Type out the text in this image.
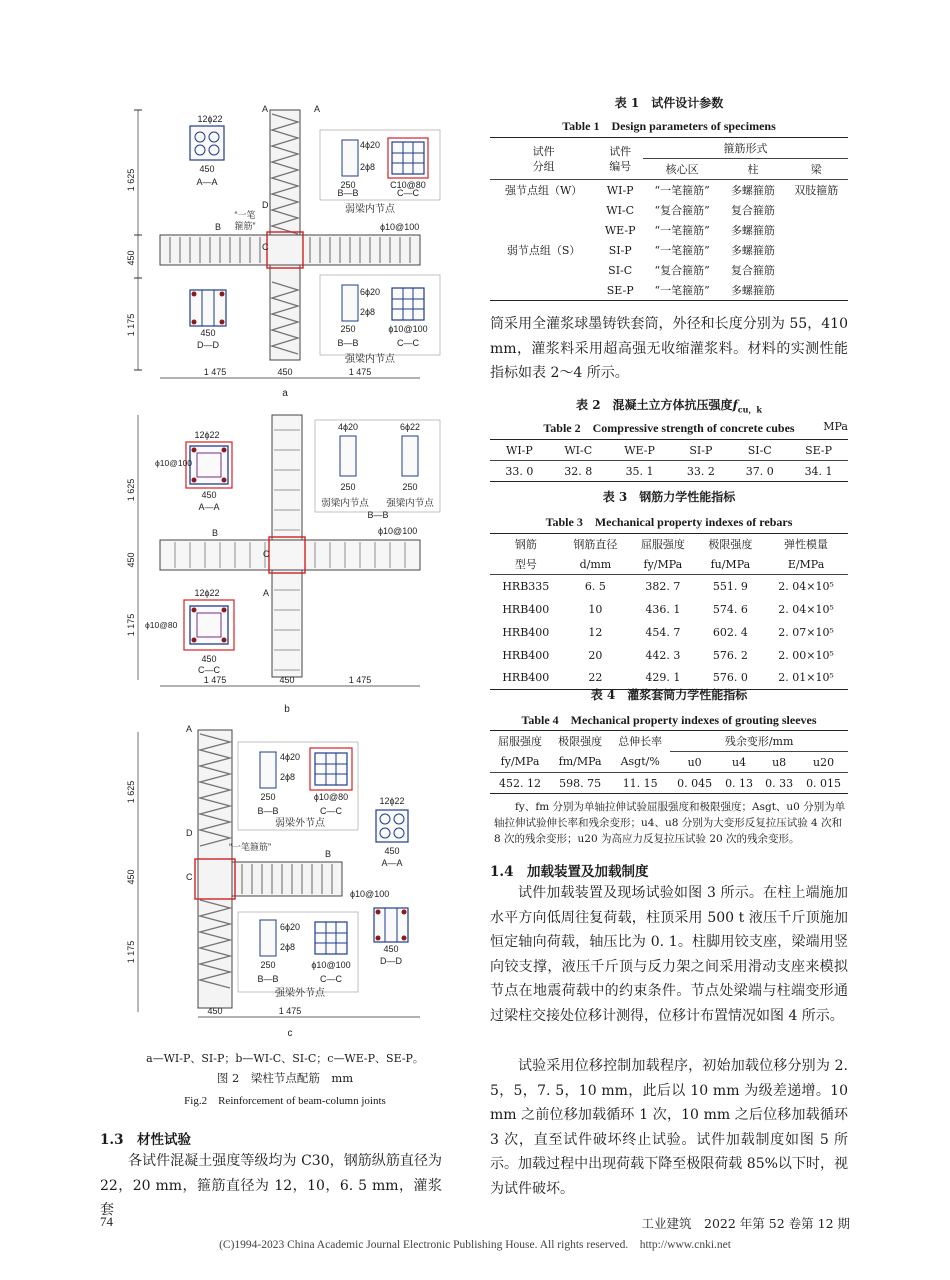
1 625
450
1 175
“一笔
箍筋”	ϕ10@100
A	A
B
C
D
12ϕ22
450
A—A
4ϕ20
2ϕ8
250	C10@80
B—B	C—C
弱梁内节点
450
D—D
6ϕ20
2ϕ8
250	ϕ10@100
B—B	C—C
强梁内节点
1 475	450	1 475
a
1 625
450
1 175
ϕ10@100
B
C
A
12ϕ22
ϕ10@100
450
A—A
4ϕ20	6ϕ22
250	250
弱梁内节点 强梁内节点
B—B
12ϕ22
ϕ10@80
450
C—C
1 475	450	1 475
b
1 625
450
1 175
“一笔箍筋”
ϕ10@100
A
C
D
B
4ϕ20
2ϕ8
250	ϕ10@80
B—B	C—C
弱梁外节点
12ϕ22
450
A—A
450
D—D
6ϕ20
2ϕ8
250	ϕ10@100
B—B	C—C
强梁外节点
450	1 475
c
a—WI-P、SI-P；b—WI-C、SI-C；c—WE-P、SE-P。
图 2　梁柱节点配筋　mm
Fig.2　Reinforcement of beam-column joints
1.3　材性试验
各试件混凝土强度等级均为 C30，钢筋纵筋直径为 22，20 mm，箍筋直径为 12，10，6. 5 mm，灌浆套
表 1　试件设计参数
Table 1　Design parameters of specimens
试件
分组	试件
编号	箍筋形式		
		核心区	柱	梁
强节点组（W）	WI-P	“一笔箍筋”	多螺箍筋	双肢箍筋
	WI-C	“复合箍筋”	复合箍筋	
	WE-P	“一笔箍筋”	多螺箍筋	
弱节点组（S）	SI-P	“一笔箍筋”	多螺箍筋	
	SI-C	“复合箍筋”	复合箍筋	
	SE-P	“一笔箍筋”	多螺箍筋	
筒采用全灌浆球墨铸铁套筒，外径和长度分别为 55，410 mm，灌浆料采用超高强无收缩灌浆料。材料的实测性能指标如表 2～4 所示。
表 2　混凝土立方体抗压强度$f_{cu,k}$
Table 2　Compressive strength of concrete cubes	MPa
WI-P	WI-C	WE-P	SI-P	SI-C	SE-P
33. 0	32. 8	35. 1	33. 2	37. 0	34. 1
表 3　钢筋力学性能指标
Table 3　Mechanical property indexes of rebars
钢筋	钢筋直径	屈服强度	极限强度	弹性模量
型号	d/mm	fy/MPa	fu/MPa	E/MPa
HRB335	6. 5	382. 7	551. 9	2. 04×10⁵
HRB400	10	436. 1	574. 6	2. 04×10⁵
HRB400	12	454. 7	602. 4	2. 07×10⁵
HRB400	20	442. 3	576. 2	2. 00×10⁵
HRB400	22	429. 1	576. 0	2. 01×10⁵
表 4　灌浆套筒力学性能指标
Table 4　Mechanical property indexes of grouting sleeves
屈服强度	极限强度	总伸长率	残余变形/mm			
fy/MPa	fm/MPa	Asgt/%	u0	u4	u8	u20
452. 12	598. 75	11. 15	0. 045	0. 13	0. 33	0. 015
fy、fm 分别为单轴拉伸试验屈服强度和极限强度；Asgt、u0 分别为单轴拉伸试验伸长率和残余变形；u4、u8 分别为大变形反复拉压试验 4 次和 8 次的残余变形；u20 为高应力反复拉压试验 20 次的残余变形。
1.4　加载装置及加载制度
试件加载装置及现场试验如图 3 所示。在柱上端施加水平方向低周往复荷载，柱顶采用 500 t 液压千斤顶施加恒定轴向荷载，轴压比为 0. 1。柱脚用铰支座，梁端用竖向铰支撑，液压千斤顶与反力架之间采用滑动支座来模拟节点在地震荷载中的约束条件。节点处梁端与柱端变形通过梁柱交接处位移计测得，位移计布置情况如图 4 所示。
试验采用位移控制加载程序，初始加载位移分别为 2. 5，5，7. 5，10 mm，此后以 10 mm 为级差递增。10 mm 之前位移加载循环 1 次，10 mm 之后位移加载循环 3 次，直至试件破坏终止试验。试件加载制度如图 5 所示。加载过程中出现荷载下降至极限荷载 85%以下时，视为试件破坏。
74	工业建筑　2022 年第 52 卷第 12 期
(C)1994-2023 China Academic Journal Electronic Publishing House. All rights reserved.　http://www.cnki.net
